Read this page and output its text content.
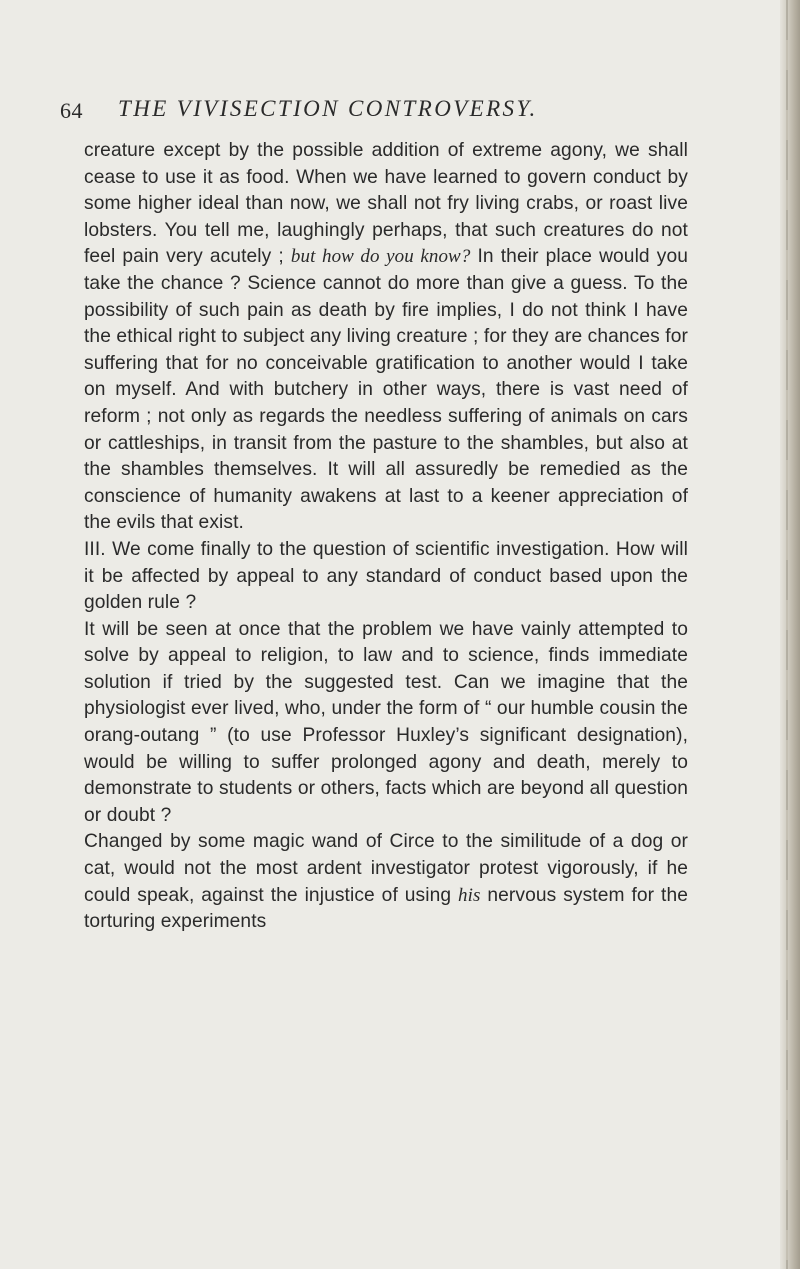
64 THE VIVISECTION CONTROVERSY.

creature except by the possible addition of extreme agony, we shall cease to use it as food. When we have learned to govern conduct by some higher ideal than now, we shall not fry living crabs, or roast live lobsters. You tell me, laughingly perhaps, that such creatures do not feel pain very acutely ; but how do you know? In their place would you take the chance ? Science cannot do more than give a guess. To the possibility of such pain as death by fire implies, I do not think I have the ethical right to subject any living creature ; for they are chances for suffering that for no conceivable gratification to another would I take on myself. And with butchery in other ways, there is vast need of reform ; not only as regards the needless suffering of animals on cars or cattleships, in transit from the pasture to the shambles, but also at the shambles themselves. It will all assuredly be remedied as the conscience of humanity awakens at last to a keener appreciation of the evils that exist.

III. We come finally to the question of scientific investigation. How will it be affected by appeal to any standard of conduct based upon the golden rule ?

It will be seen at once that the problem we have vainly attempted to solve by appeal to religion, to law and to science, finds immediate solution if tried by the suggested test. Can we imagine that the physiologist ever lived, who, under the form of “ our humble cousin the orang-outang ” (to use Professor Huxley’s significant designation), would be willing to suffer prolonged agony and death, merely to demonstrate to students or others, facts which are beyond all question or doubt ?

Changed by some magic wand of Circe to the similitude of a dog or cat, would not the most ardent investigator protest vigorously, if he could speak, against the injustice of using his nervous system for the torturing experiments
